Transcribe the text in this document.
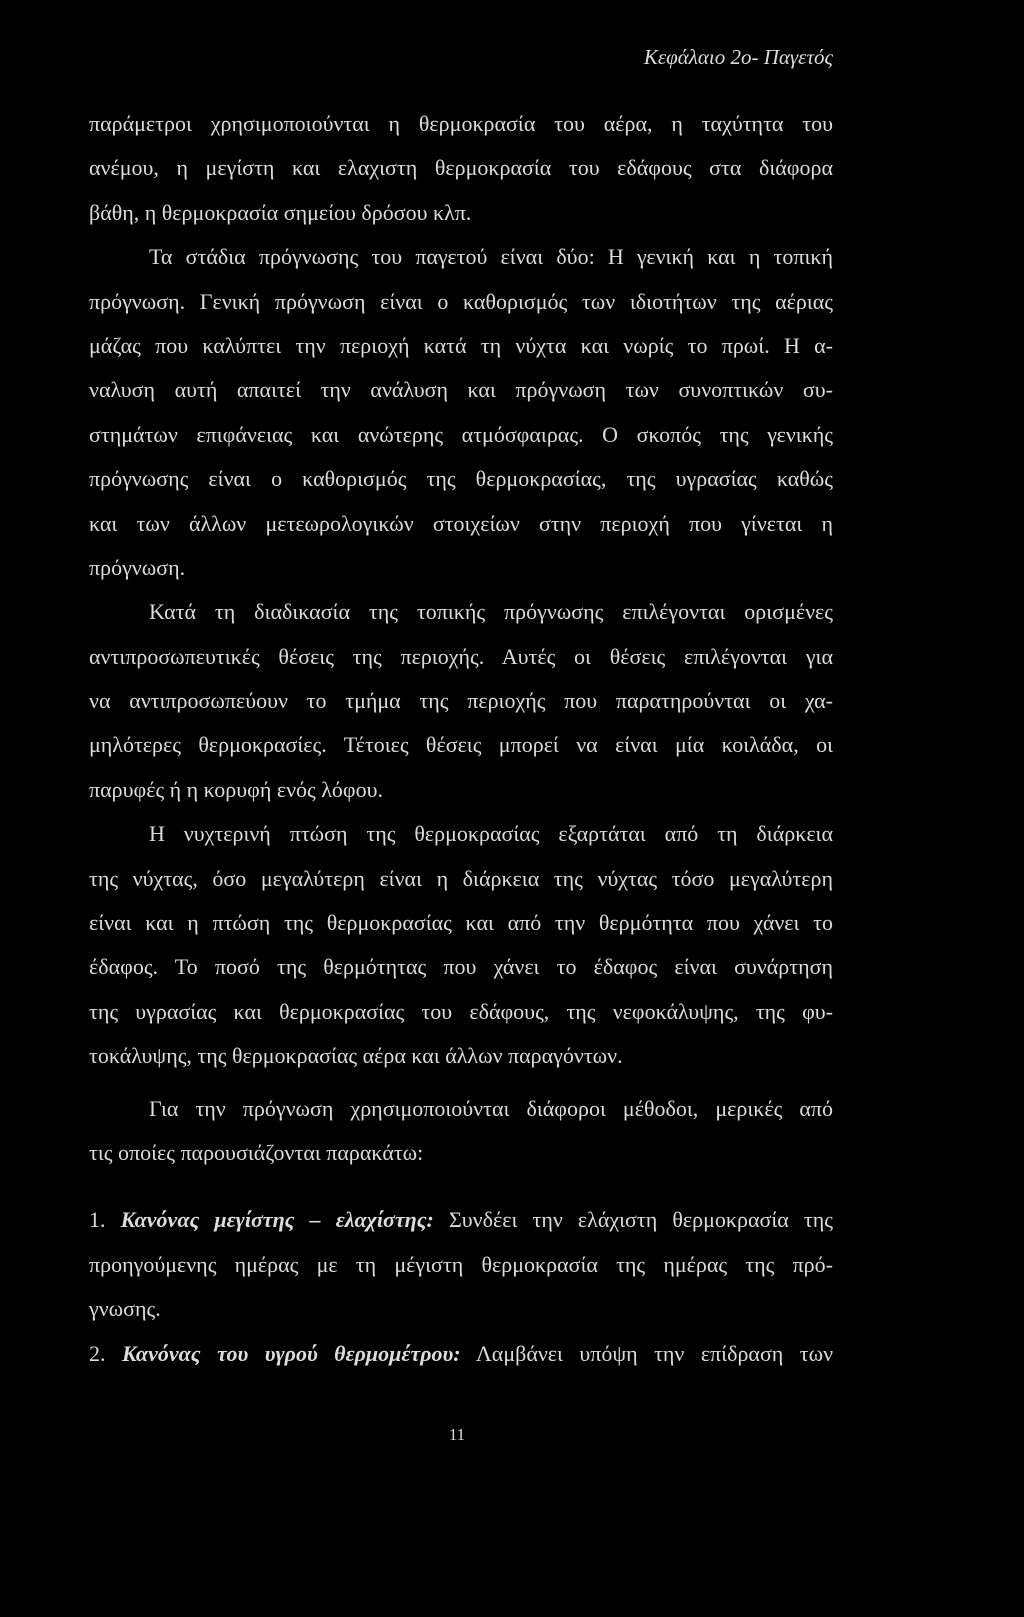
Κεφάλαιο 2ο- Παγετός
παράμετροι χρησιμοποιούνται η θερμοκρασία του αέρα, η ταχύτητα του
ανέμου, η μεγίστη και ελαχιστη θερμοκρασία του εδάφους στα διάφορα
βάθη, η θερμοκρασία σημείου δρόσου κλπ.
Τα στάδια πρόγνωσης του παγετού είναι δύο: Η γενική και η τοπική
πρόγνωση. Γενική πρόγνωση είναι ο καθορισμός των ιδιοτήτων της αέριας
μάζας που καλύπτει την περιοχή κατά τη νύχτα και νωρίς το πρωί. Η α-
ναλυση αυτή απαιτεί την ανάλυση και πρόγνωση των συνοπτικών συ-
στημάτων επιφάνειας και ανώτερης ατμόσφαιρας. Ο σκοπός της γενικής
πρόγνωσης είναι ο καθορισμός της θερμοκρασίας, της υγρασίας καθώς
και των άλλων μετεωρολογικών στοιχείων στην περιοχή που γίνεται η
πρόγνωση.
Κατά τη διαδικασία της τοπικής πρόγνωσης επιλέγονται ορισμένες
αντιπροσωπευτικές θέσεις της περιοχής. Αυτές οι θέσεις επιλέγονται για
να αντιπροσωπεύουν το τμήμα της περιοχής που παρατηρούνται οι χα-
μηλότερες θερμοκρασίες. Τέτοιες θέσεις μπορεί να είναι μία κοιλάδα, οι
παρυφές ή η κορυφή ενός λόφου.
Η νυχτερινή πτώση της θερμοκρασίας εξαρτάται από τη διάρκεια
της νύχτας, όσο μεγαλύτερη είναι η διάρκεια της νύχτας τόσο μεγαλύτερη
είναι και η πτώση της θερμοκρασίας και από την θερμότητα που χάνει το
έδαφος. Το ποσό της θερμότητας που χάνει το έδαφος είναι συνάρτηση
της υγρασίας και θερμοκρασίας του εδάφους, της νεφοκάλυψης, της φυ-
τοκάλυψης, της θερμοκρασίας αέρα και άλλων παραγόντων.
Για την πρόγνωση χρησιμοποιούνται διάφοροι μέθοδοι, μερικές από
τις οποίες παρουσιάζονται παρακάτω:
1. Κανόνας μεγίστης – ελαχίστης: Συνδέει την ελάχιστη θερμοκρασία της
προηγούμενης ημέρας με τη μέγιστη θερμοκρασία της ημέρας της πρό-
γνωσης.
2. Κανόνας του υγρού θερμομέτρου: Λαμβάνει υπόψη την επίδραση των
11
